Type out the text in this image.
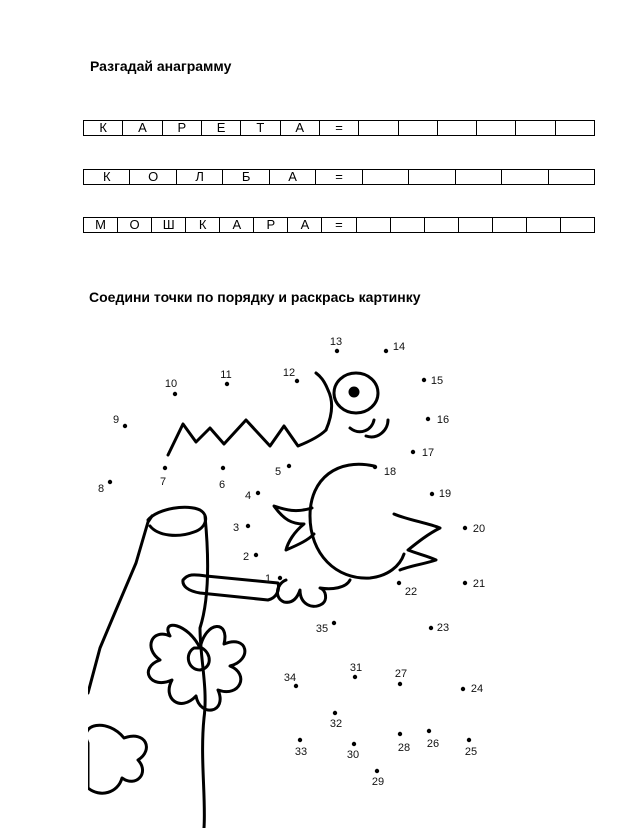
Разгадай анаграмму
К	А	Р	Е	Т	А	=
К	О	Л	Б	А	=
М	О	Ш	К	А	Р	А	=
Соедини точки по порядку и раскрась картинку
1
2
3
4
5
6
7
8
9
10
11	12
13	14
15
16
17
18
19
20
21
22
23
24
25
26
27
28
29
30
31
32
33
34
35
